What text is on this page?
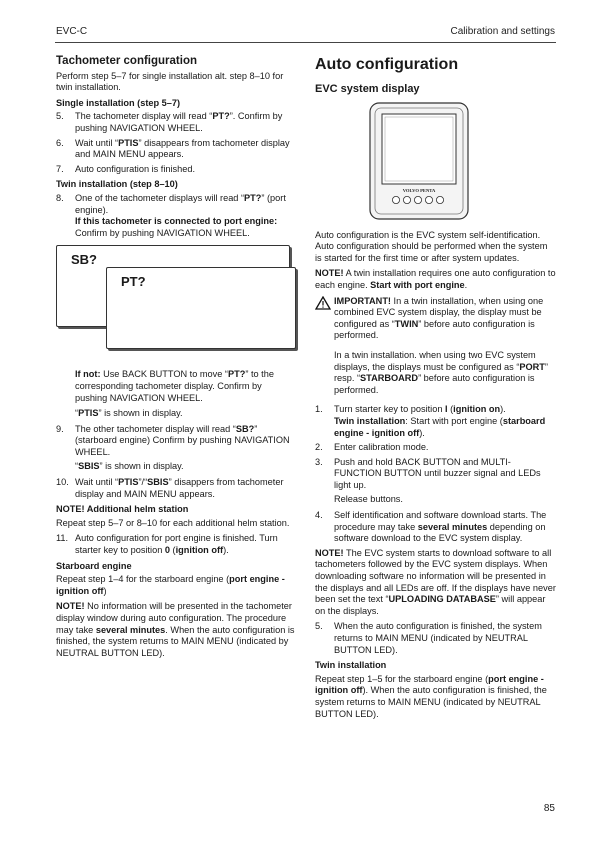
EVC-C	Calibration and settings
Tachometer configuration
Perform step 5–7 for single installation alt. step 8–10 for twin installation.
Single installation (step 5–7)
5.	The tachometer display will read “PT?”. Confirm by pushing NAVIGATION WHEEL.
6.	Wait until “PTIS” disappears from tachometer display and MAIN MENU appears.
7.	Auto configuration is finished.
Twin installation (step 8–10)
8.	One of the tachometer displays will read “PT?” (port engine).
If this tachometer is connected to port engine: Confirm by pushing NAVIGATION WHEEL.
SB?
PT?
If not: Use BACK BUTTON to move “PT?” to the corresponding tachometer display. Confirm by pushing NAVIGATION WHEEL.
“PTIS” is shown in display.
9.	The other tachometer display will read “SB?” (starboard engine) Confirm by pushing NAVIGATION WHEEL.
“SBIS” is shown in display.
10. Wait until “PTIS”/“SBIS” disappers from tachometer display and MAIN MENU appears.
NOTE! Additional helm station
Repeat step 5–7 or 8–10 for each additional helm station.
11. Auto configuration for port engine is finished. Turn starter key to position 0 (ignition off).
Starboard engine
Repeat step 1–4 for the starboard engine (port engine - ignition off)
NOTE! No information will be presented in the tachometer display window during auto configuration. The procedure may take several minutes. When the auto configuration is finished, the system returns to MAIN MENU (indicated by NEUTRAL BUTTON LED).
Auto configuration
EVC system display
VOLVO PENTA
Auto configuration is the EVC system self-identification. Auto configuration should be performed when the system is started for the first time or after system updates.
NOTE! A twin installation requires one auto configuration to each engine. Start with port engine.
IMPORTANT! In a twin installation, when using one combined EVC system display, the display must be configured as “TWIN” before auto configuration is performed.
In a twin installation. when using two EVC system displays, the displays must be configured as “PORT” resp. “STARBOARD” before auto configuration is performed.
1.	Turn starter key to position I (ignition on).
Twin installation: Start with port engine (starboard engine - ignition off).
2.	Enter calibration mode.
3.	Push and hold BACK BUTTON and MULTI-FUNCTION BUTTON until buzzer signal and LEDs light up.
Release buttons.
4.	Self identification and software download starts. The procedure may take several minutes depending on software download to the EVC system display.
NOTE! The EVC system starts to download software to all tachometers followed by the EVC system displays. When downloading software no information will be presented in the displays and all LEDs are off. If the displays have never been set the text “UPLOADING DATABASE” will appear on the displays.
5.	When the auto configuration is finished, the system returns to MAIN MENU (indicated by NEUTRAL BUTTON LED).
Twin installation
Repeat step 1–5 for the starboard engine (port engine - ignition off). When the auto configuration is finished, the system returns to MAIN MENU (indicated by NEUTRAL BUTTON LED).
85
